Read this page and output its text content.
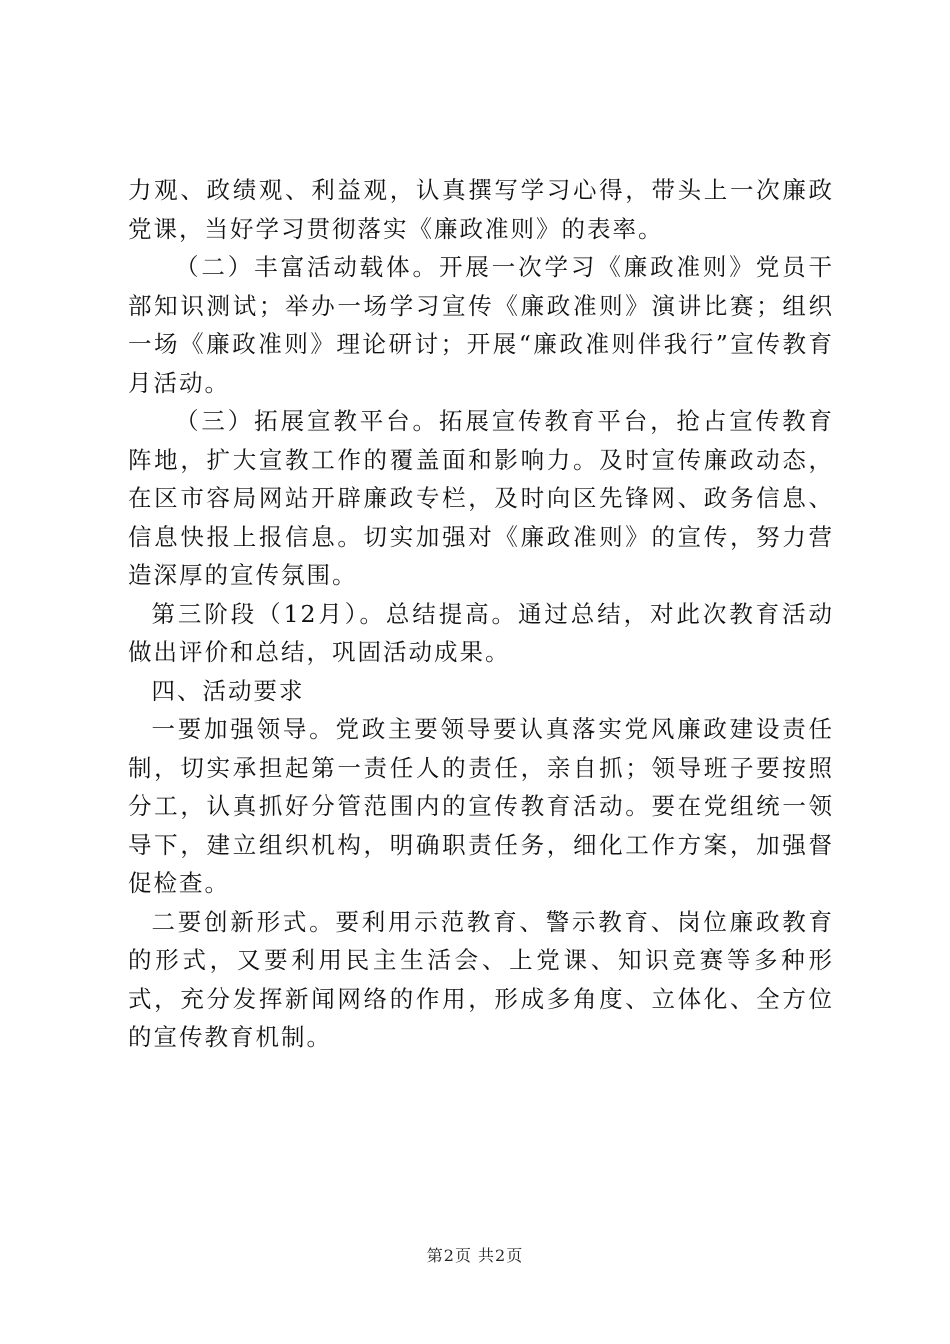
力观、政绩观、利益观，认真撰写学习心得，带头上一次廉政党课，当好学习贯彻落实《廉政准则》的表率。

（二）丰富活动载体。开展一次学习《廉政准则》党员干部知识测试；举办一场学习宣传《廉政准则》演讲比赛；组织一场《廉政准则》理论研讨；开展“廉政准则伴我行”宣传教育月活动。

（三）拓展宣教平台。拓展宣传教育平台，抢占宣传教育阵地，扩大宣教工作的覆盖面和影响力。及时宣传廉政动态，在区市容局网站开辟廉政专栏，及时向区先锋网、政务信息、信息快报上报信息。切实加强对《廉政准则》的宣传，努力营造深厚的宣传氛围。

第三阶段（12月）。总结提高。通过总结，对此次教育活动做出评价和总结，巩固活动成果。

四、活动要求

一要加强领导。党政主要领导要认真落实党风廉政建设责任制，切实承担起第一责任人的责任，亲自抓；领导班子要按照分工，认真抓好分管范围内的宣传教育活动。要在党组统一领导下，建立组织机构，明确职责任务，细化工作方案，加强督促检查。

二要创新形式。要利用示范教育、警示教育、岗位廉政教育的形式，又要利用民主生活会、上党课、知识竞赛等多种形式，充分发挥新闻网络的作用，形成多角度、立体化、全方位的宣传教育机制。

第2页 共2页
